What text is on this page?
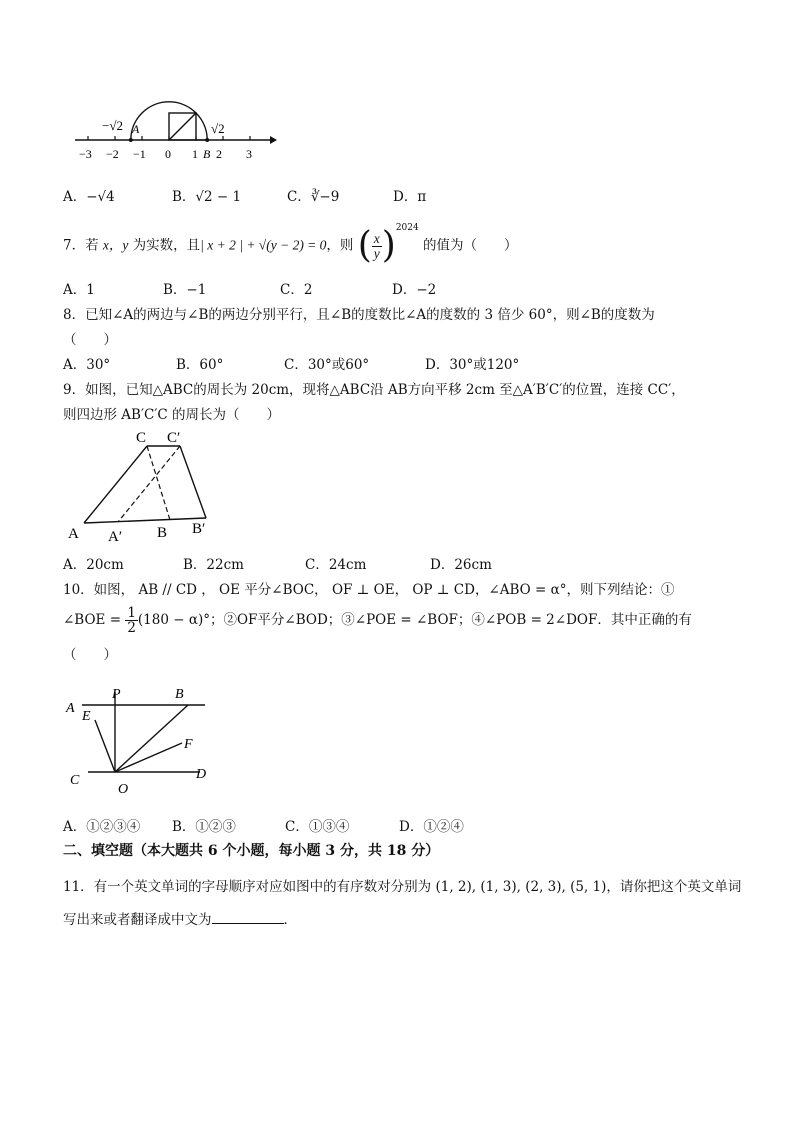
−√2 A	√2
−3 −2 −1 0 1 B 2 3
A．−√4	B．√2 − 1	C．∛−9	D．π
7．若 x，y 为实数，且| x + 2 | + √(y − 2) = 0，则 ( $\frac{x}{y} )^{2024}$ 的值为（　　）
A．1	B．−1	C．2	D．−2
8．已知∠A的两边与∠B的两边分别平行，且∠B的度数比∠A的度数的 3 倍少 60°，则∠B的度数为
（　　）
A．30°	B．60°	C．30°或60°	D．30°或120°
9．如图，已知△ABC的周长为 20cm，现将△ABC沿 AB方向平移 2cm 至△A′B′C′的位置，连接 CC′，
则四边形 AB′C′C 的周长为（　　）
C C′
A A′ B B′
A．20cm	B．22cm	C．24cm	D．26cm
10．如图， AB // CD ， OE 平分∠BOC， OF ⊥ OE， OP ⊥ CD，∠ABO = α°，则下列结论：①
∠BOE = $\frac{1}{2} (180 - \alpha)^\circ$；②OF平分∠BOD；③∠POE = ∠BOF；④∠POB = 2∠DOF．其中正确的有
（　　）
A
E
P	B
F
C
O
D
A．①②③④ B．①②③	C．①③④	D．①②④
二、填空题（本大题共 6 个小题，每小题 3 分，共 18 分）
11．有一个英文单词的字母顺序对应如图中的有序数对分别为 (1, 2), (1, 3), (2, 3), (5, 1)，请你把这个英文单词
写出来或者翻译成中文为	．
